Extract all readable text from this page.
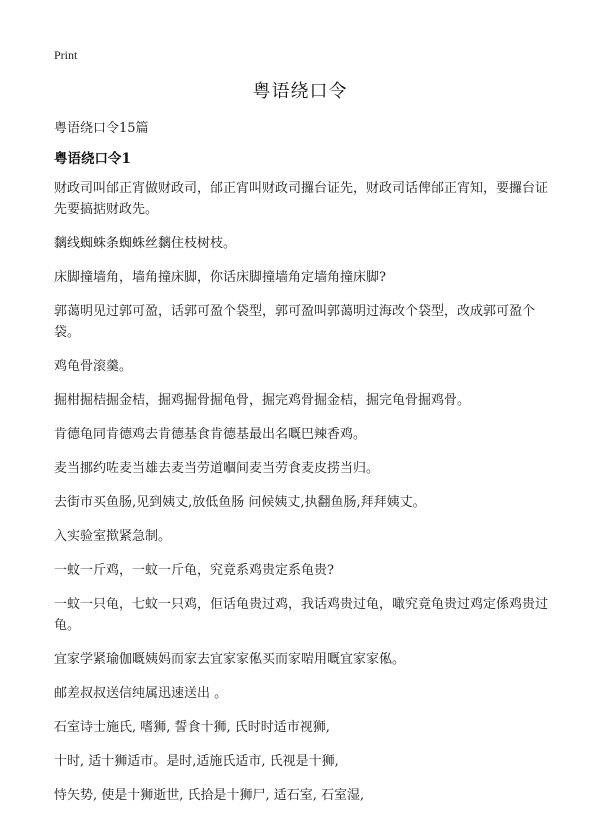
Print
粤语绕口令

粤语绕口令15篇

粤语绕口令1

财政司叫邰正宵做财政司，邰正宵叫财政司攞台证先，财政司话俾邰正宵知，要攞台证先要搞掂财政先。

黐线蜘蛛条蜘蛛丝黐住枝树枝。

床脚撞墙角，墙角撞床脚，你话床脚撞墙角定墙角撞床脚?

郭蔼明见过郭可盈，话郭可盈个袋型，郭可盈叫郭蔼明过海改个袋型，改成郭可盈个袋。

鸡龟骨滚羹。

掘柑掘桔掘金桔，掘鸡掘骨掘龟骨，掘完鸡骨掘金桔，掘完龟骨掘鸡骨。

肯德龟同肯德鸡去肯德基食肯德基最出名嘅巴辣香鸡。

麦当挪约咗麦当雄去麦当劳道嗰间麦当劳食麦皮捞当归。

去街市买鱼肠,见到姨丈,放低鱼肠 问候姨丈,执翻鱼肠,拜拜姨丈。

入实验室揿紧急制。

一蚊一斤鸡，一蚊一斤龟，究竟系鸡贵定系龟贵?

一蚊一只龟，七蚊一只鸡，佢话龟贵过鸡，我话鸡贵过龟，噉究竟龟贵过鸡定係鸡贵过龟。

宜家学紧瑜伽嘅姨妈而家去宜家家俬买而家啱用嘅宜家家俬。

邮差叔叔送信纯属迅速送出 。

石室诗士施氏, 嗜狮, 誓食十狮, 氏时时适市视狮,

十时, 适十狮适市。是时,适施氏适市, 氏视是十狮,

恃矢势, 使是十狮逝世, 氏拾是十狮尸, 适石室, 石室湿,
